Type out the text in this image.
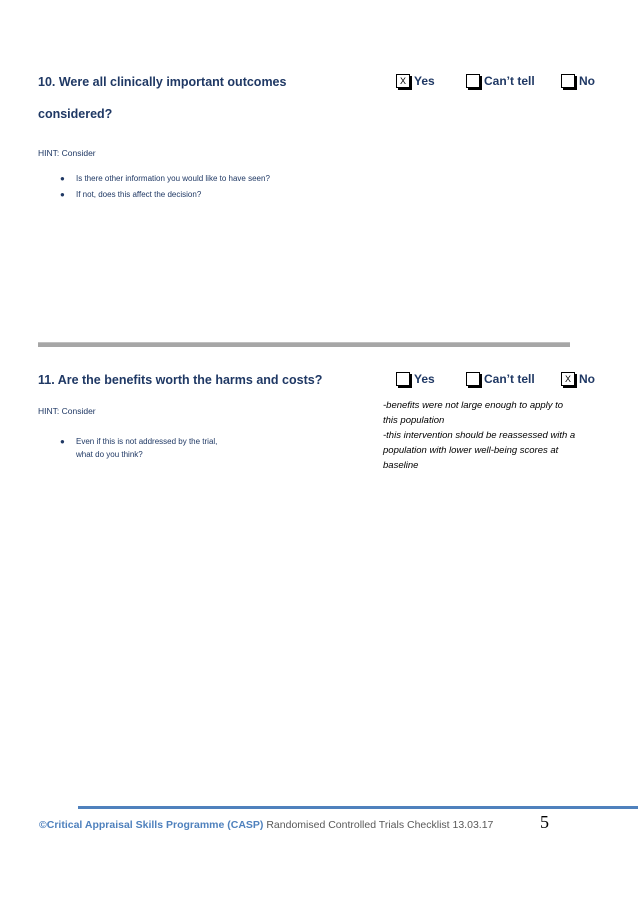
10. Were all clinically important outcomes
considered?
X Yes	Can’t tell	No
HINT: Consider
● Is there other information you would like to have seen?
● If not, does this affect the decision?
11. Are the benefits worth the harms and costs?	Yes	Can’t tell	X No
HINT: Consider
● Even if this is not addressed by the trial,
what do you think?
-benefits were not large enough to apply to
this population
-this intervention should be reassessed with a
population with lower well-being scores at
baseline
©Critical Appraisal Skills Programme (CASP) Randomised Controlled Trials Checklist 13.03.17	5
